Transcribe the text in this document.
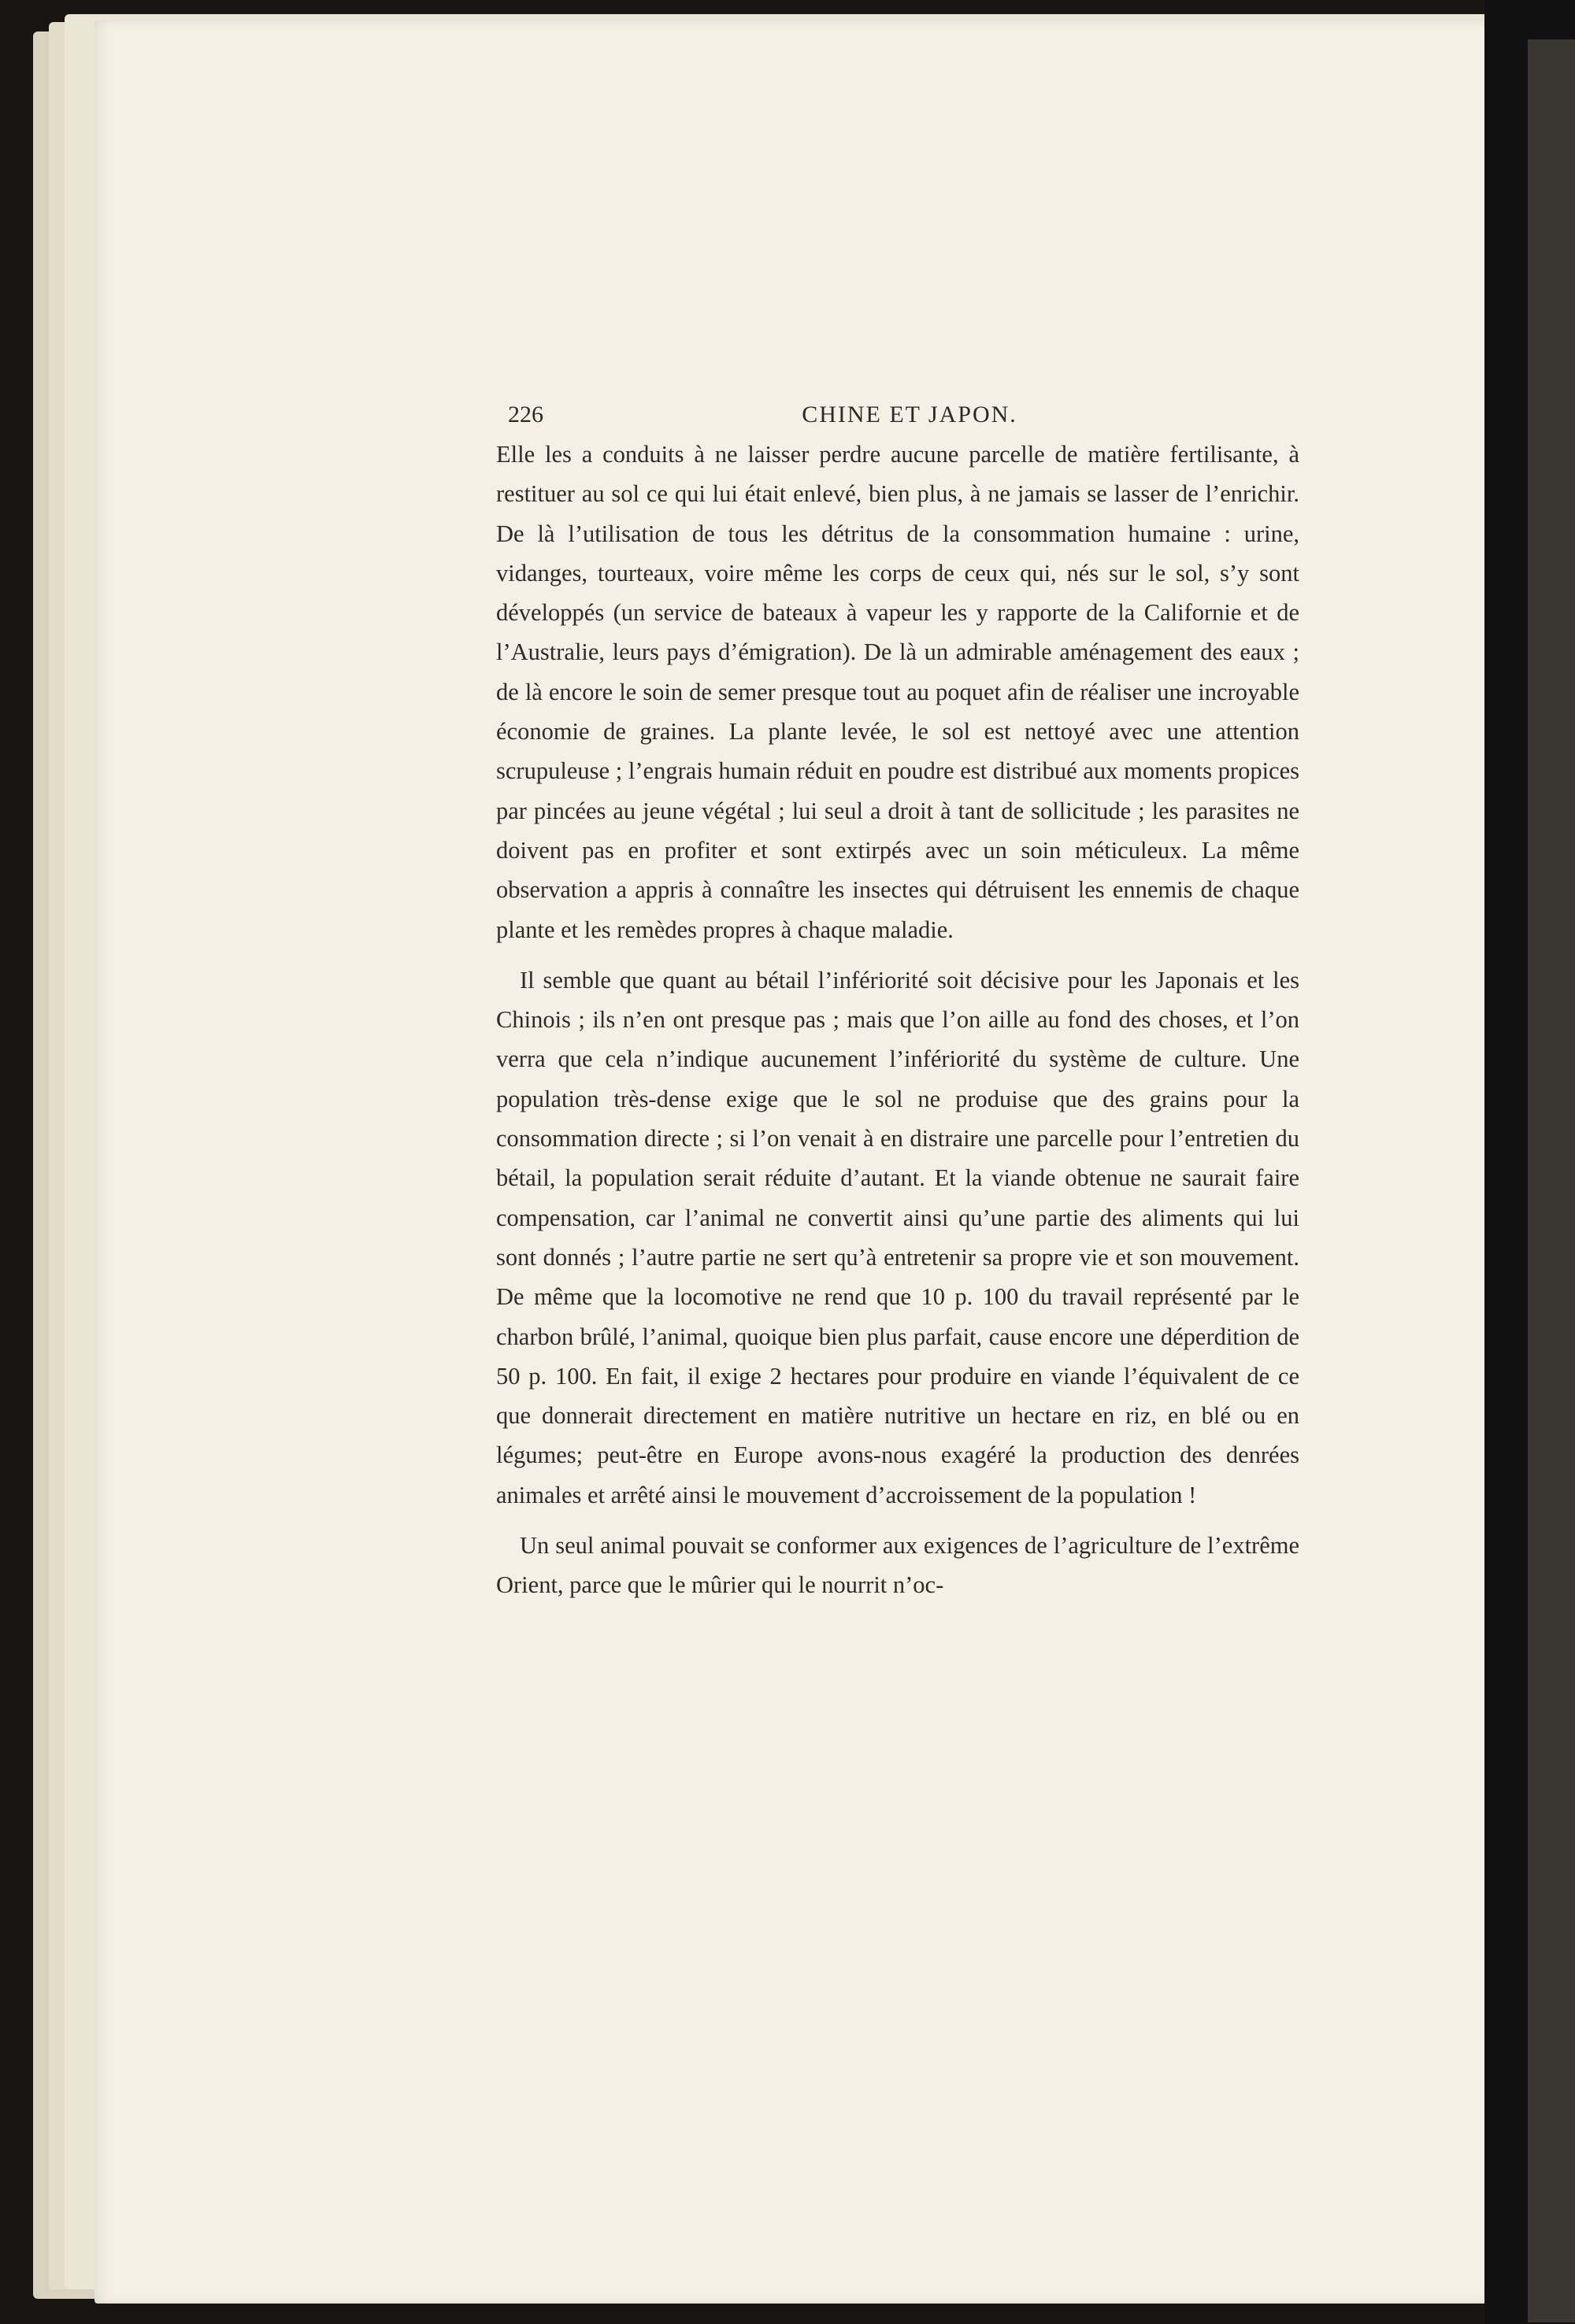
226	CHINE ET JAPON.

Elle les a conduits à ne laisser perdre aucune parcelle de matière fertilisante, à restituer au sol ce qui lui était enlevé, bien plus, à ne jamais se lasser de l’enrichir. De là l’utilisation de tous les détritus de la consommation humaine : urine, vidanges, tourteaux, voire même les corps de ceux qui, nés sur le sol, s’y sont développés (un service de bateaux à vapeur les y rapporte de la Californie et de l’Australie, leurs pays d’émigration). De là un admirable aménagement des eaux ; de là encore le soin de semer presque tout au poquet afin de réaliser une incroyable économie de graines. La plante levée, le sol est nettoyé avec une attention scrupuleuse ; l’engrais humain réduit en poudre est distribué aux moments propices par pincées au jeune végétal ; lui seul a droit à tant de sollicitude ; les parasites ne doivent pas en profiter et sont extirpés avec un soin méticuleux. La même observation a appris à connaître les insectes qui détruisent les ennemis de chaque plante et les remèdes propres à chaque maladie.

Il semble que quant au bétail l’infériorité soit décisive pour les Japonais et les Chinois ; ils n’en ont presque pas ; mais que l’on aille au fond des choses, et l’on verra que cela n’indique aucunement l’infériorité du système de culture. Une population très-dense exige que le sol ne produise que des grains pour la consommation directe ; si l’on venait à en distraire une parcelle pour l’entretien du bétail, la population serait réduite d’autant. Et la viande obtenue ne saurait faire compensation, car l’animal ne convertit ainsi qu’une partie des aliments qui lui sont donnés ; l’autre partie ne sert qu’à entretenir sa propre vie et son mouvement. De même que la locomotive ne rend que 10 p. 100 du travail représenté par le charbon brûlé, l’animal, quoique bien plus parfait, cause encore une déperdition de 50 p. 100. En fait, il exige 2 hectares pour produire en viande l’équivalent de ce que donnerait directement en matière nutritive un hectare en riz, en blé ou en légumes; peut-être en Europe avons-nous exagéré la production des denrées animales et arrêté ainsi le mouvement d’accroissement de la population !

Un seul animal pouvait se conformer aux exigences de l’agriculture de l’extrême Orient, parce que le mûrier qui le nourrit n’oc-
